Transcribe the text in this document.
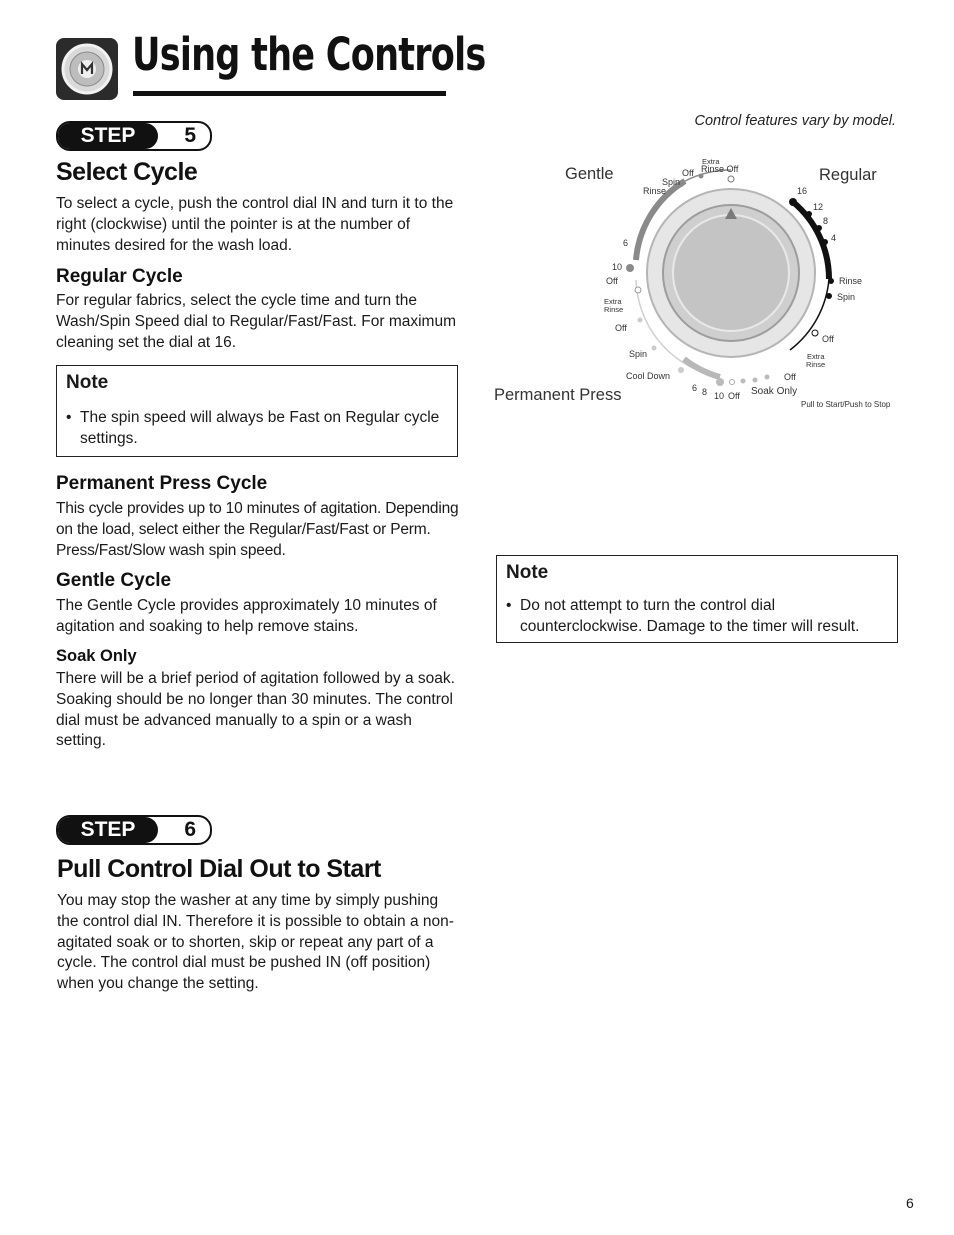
Using the Controls
Control features vary by model.
STEP	5
Select Cycle

To select a cycle, push the control dial IN and turn it to the right (clockwise) until the pointer is at the number of minutes desired for the wash load.

Regular Cycle

For regular fabrics, select the cycle time and turn the Wash/Spin Speed dial to Regular/Fast/Fast. For maximum cleaning set the dial at 16.

Note
• The spin speed will always be Fast on Regular cycle settings.
Permanent Press Cycle

This cycle provides up to 10 minutes of agitation. Depending on the load, select either the Regular/Fast/Fast or Perm. Press/Fast/Slow wash spin speed.

Gentle Cycle

The Gentle Cycle provides approximately 10 minutes of agitation and soaking to help remove stains.

Soak Only

There will be a brief period of agitation followed by a soak. Soaking should be no longer than 30 minutes. The control dial must be advanced manually to a spin or a wash setting.

Gentle	Regular
Permanent Press
Pull to Start/Push to Stop
Extra
Rinse Off
Off
Spin
Rinse
6
10
Off
16
12
8
4
Rinse
Spin
Off
Extra
Rinse
Off
Soak Only
Extra
Rinse
Off
Spin
Cool Down
6 8 10 Off
Note
• Do not attempt to turn the control dial counterclockwise. Damage to the timer will result.
STEP	6
Pull Control Dial Out to Start

You may stop the washer at any time by simply pushing the control dial IN. Therefore it is possible to obtain a non-agitated soak or to shorten, skip or repeat any part of a cycle. The control dial must be pushed IN (off position) when you change the setting.

6
